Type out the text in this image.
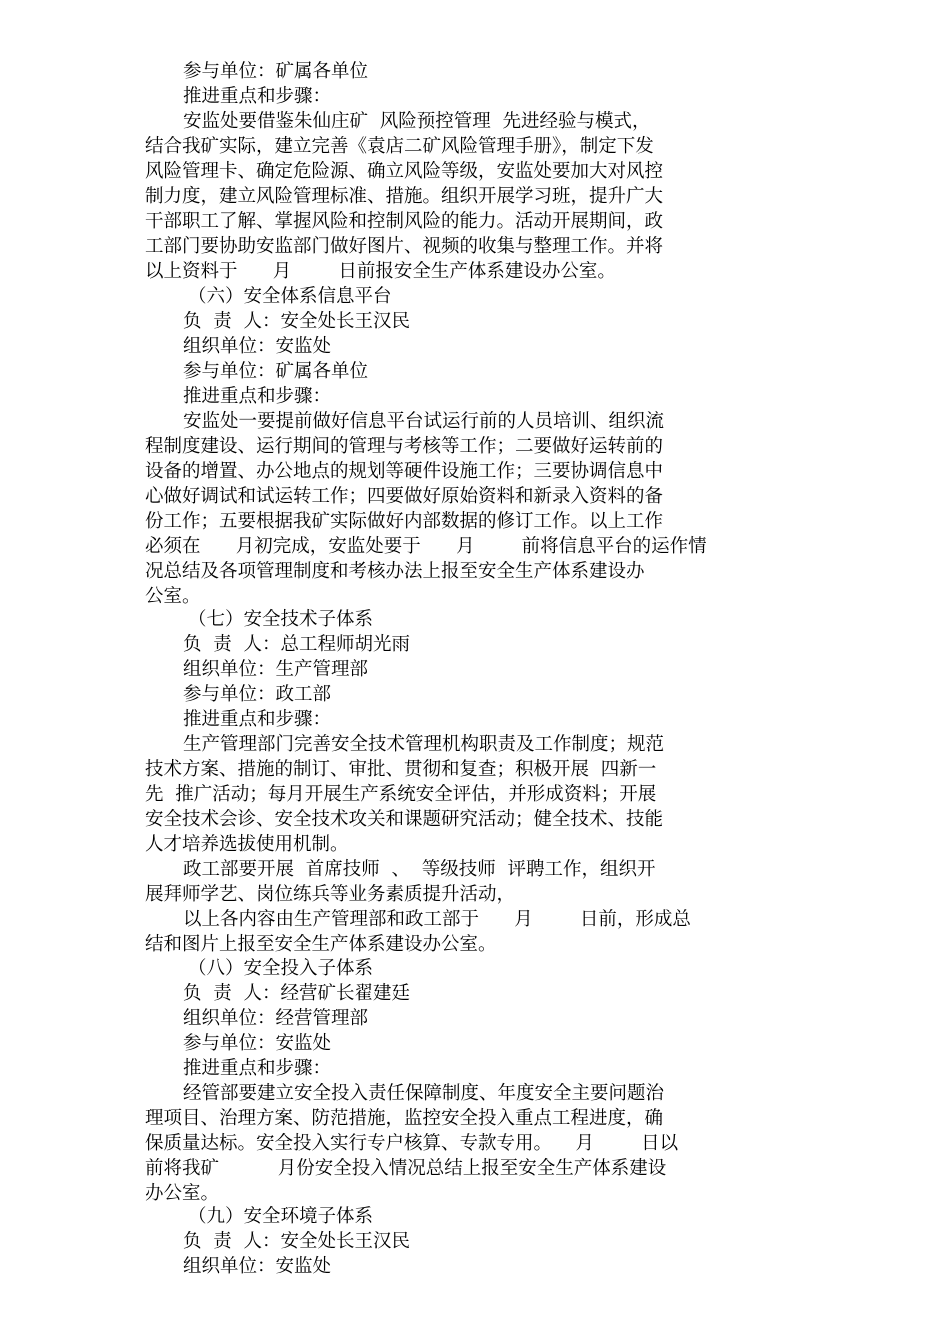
参与单位：矿属各单位
推进重点和步骤：
安监处要借鉴朱仙庄矿  风险预控管理  先进经验与模式，
结合我矿实际，建立完善《袁店二矿风险管理手册》，制定下发
风险管理卡、确定危险源、确立风险等级，安监处要加大对风控
制力度，建立风险管理标准、措施。组织开展学习班，提升广大
干部职工了解、掌握风险和控制风险的能力。活动开展期间，政
工部门要协助安监部门做好图片、视频的收集与整理工作。并将
以上资料于      月        日前报安全生产体系建设办公室。
（六）安全体系信息平台
负  责  人：安全处长王汉民
组织单位：安监处
参与单位：矿属各单位
推进重点和步骤：
安监处一要提前做好信息平台试运行前的人员培训、组织流
程制度建设、运行期间的管理与考核等工作；二要做好运转前的
设备的增置、办公地点的规划等硬件设施工作；三要协调信息中
心做好调试和试运转工作；四要做好原始资料和新录入资料的备
份工作；五要根据我矿实际做好内部数据的修订工作。以上工作
必须在      月初完成，安监处要于      月        前将信息平台的运作情
况总结及各项管理制度和考核办法上报至安全生产体系建设办
公室。
（七）安全技术子体系
负  责  人：总工程师胡光雨
组织单位：生产管理部
参与单位：政工部
推进重点和步骤：
生产管理部门完善安全技术管理机构职责及工作制度；规范
技术方案、措施的制订、审批、贯彻和复查；积极开展  四新一
先  推广活动；每月开展生产系统安全评估，并形成资料；开展
安全技术会诊、安全技术攻关和课题研究活动；健全技术、技能
人才培养选拔使用机制。
政工部要开展  首席技师  、  等级技师  评聘工作，组织开
展拜师学艺、岗位练兵等业务素质提升活动，
以上各内容由生产管理部和政工部于      月        日前，形成总
结和图片上报至安全生产体系建设办公室。
（八）安全投入子体系
负  责  人：经营矿长翟建廷
组织单位：经营管理部
参与单位：安监处
推进重点和步骤：
经管部要建立安全投入责任保障制度、年度安全主要问题治
理项目、治理方案、防范措施，监控安全投入重点工程进度，确
保质量达标。安全投入实行专户核算、专款专用。    月        日以
前将我矿          月份安全投入情况总结上报至安全生产体系建设
办公室。
（九）安全环境子体系
负  责  人：安全处长王汉民
组织单位：安监处
